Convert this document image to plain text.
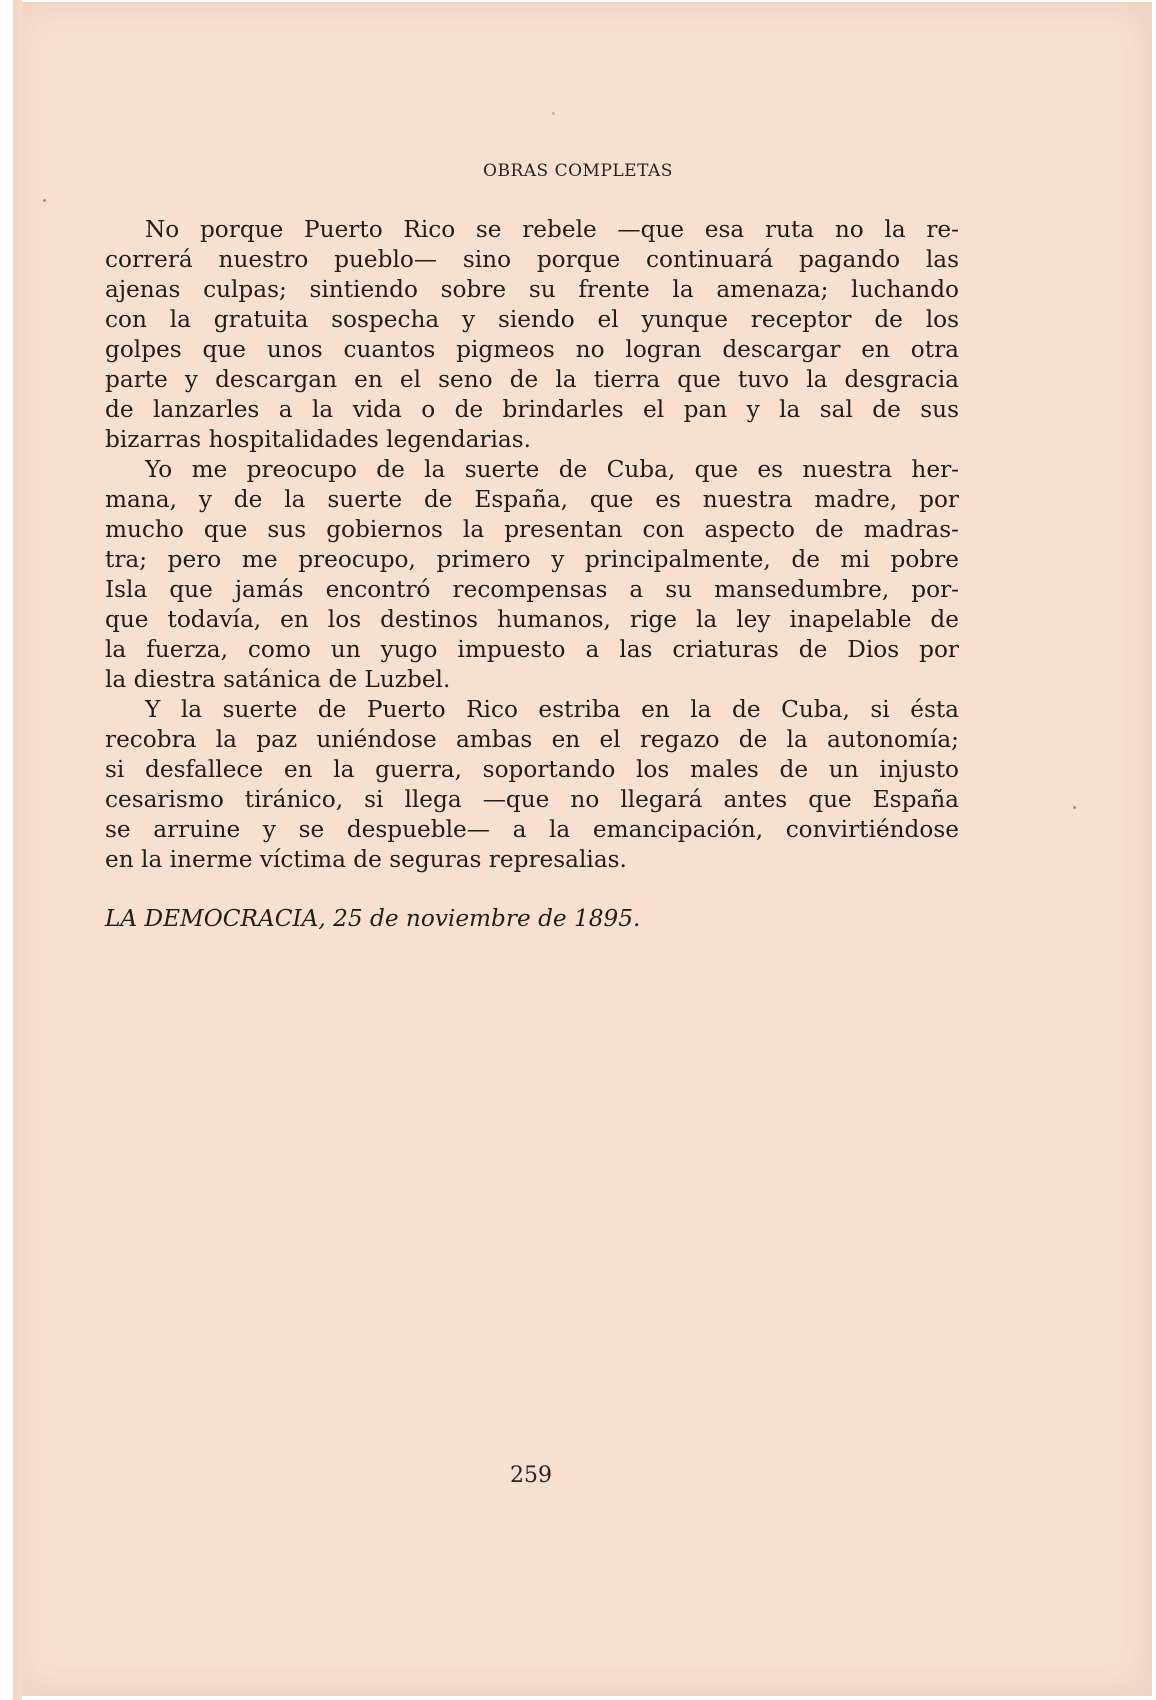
OBRAS COMPLETAS
No porque Puerto Rico se rebele —que esa ruta no la re-
correrá nuestro pueblo— sino porque continuará pagando las
ajenas culpas; sintiendo sobre su frente la amenaza; luchando
con la gratuita sospecha y siendo el yunque receptor de los
golpes que unos cuantos pigmeos no logran descargar en otra
parte y descargan en el seno de la tierra que tuvo la desgracia
de lanzarles a la vida o de brindarles el pan y la sal de sus
bizarras hospitalidades legendarias.
Yo me preocupo de la suerte de Cuba, que es nuestra her-
mana, y de la suerte de España, que es nuestra madre, por
mucho que sus gobiernos la presentan con aspecto de madras-
tra; pero me preocupo, primero y principalmente, de mi pobre
Isla que jamás encontró recompensas a su mansedumbre, por-
que todavía, en los destinos humanos, rige la ley inapelable de
la fuerza, como un yugo impuesto a las criaturas de Dios por
la diestra satánica de Luzbel.
Y la suerte de Puerto Rico estriba en la de Cuba, si ésta
recobra la paz uniéndose ambas en el regazo de la autonomía;
si desfallece en la guerra, soportando los males de un injusto
cesarismo tiránico, si llega —que no llegará antes que España
se arruine y se despueble— a la emancipación, convirtiéndose
en la inerme víctima de seguras represalias.
LA DEMOCRACIA, 25 de noviembre de 1895.
259
